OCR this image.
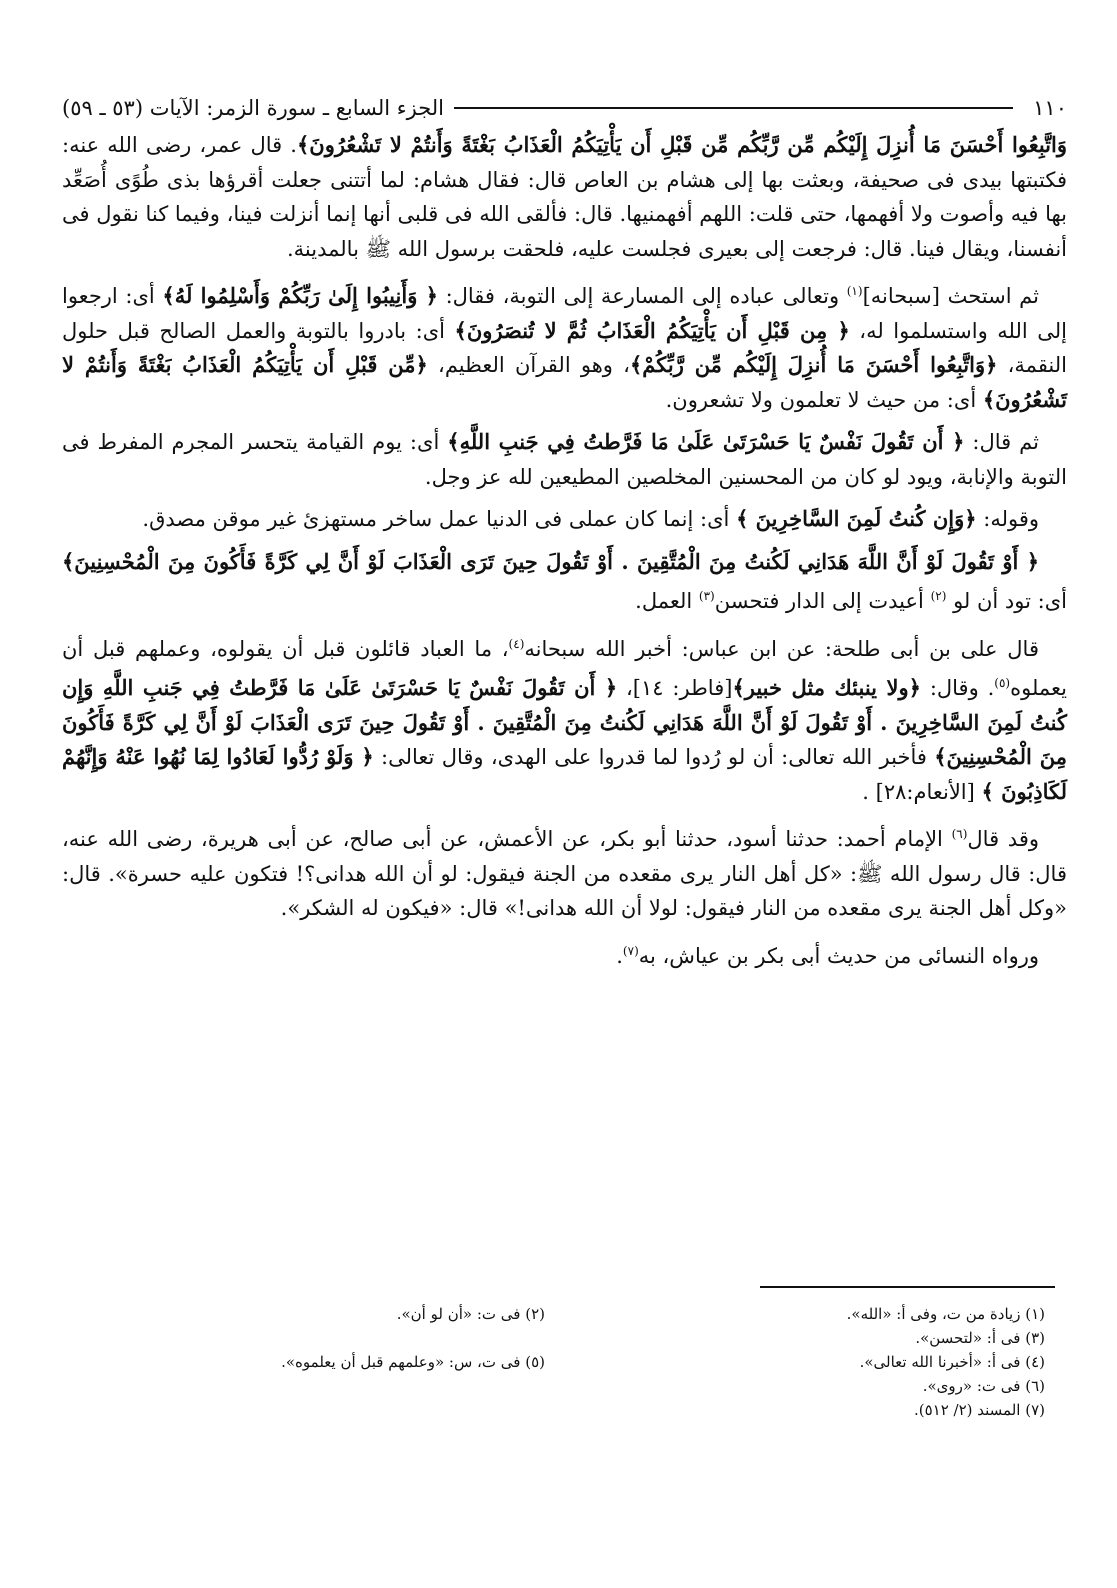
١١٠
الجزء السابع ـ سورة الزمر: الآيات (٥٣ ـ ٥٩)

وَاتَّبِعُوا أَحْسَنَ مَا أُنزِلَ إِلَيْكُم مِّن رَّبِّكُم مِّن قَبْلِ أَن يَأْتِيَكُمُ الْعَذَابُ بَغْتَةً وَأَنتُمْ لا تَشْعُرُونَ﴾. قال عمر، رضى الله عنه: فكتبتها بيدى فى صحيفة، وبعثت بها إلى هشام بن العاص قال: فقال هشام: لما أتتنى جعلت أقرؤها بذى طُوًى أُصَعِّد بها فيه وأصوت ولا أفهمها، حتى قلت: اللهم أفهمنيها. قال: فألقى الله فى قلبى أنها إنما أنزلت فينا، وفيما كنا نقول فى أنفسنا، ويقال فينا. قال: فرجعت إلى بعيرى فجلست عليه، فلحقت برسول الله ﷺ بالمدينة.

ثم استحث [سبحانه]$^{(١)}$ وتعالى عباده إلى المسارعة إلى التوبة، فقال: ﴿ وَأَنِيبُوا إِلَىٰ رَبِّكُمْ وَأَسْلِمُوا لَهُ﴾ أى: ارجعوا إلى الله واستسلموا له، ﴿ مِن قَبْلِ أَن يَأْتِيَكُمُ الْعَذَابُ ثُمَّ لا تُنصَرُونَ﴾ أى: بادروا بالتوبة والعمل الصالح قبل حلول النقمة، ﴿وَاتَّبِعُوا أَحْسَنَ مَا أُنزِلَ إِلَيْكُم مِّن رَّبِّكُمْ﴾، وهو القرآن العظيم، ﴿مِّن قَبْلِ أَن يَأْتِيَكُمُ الْعَذَابُ بَغْتَةً وَأَنتُمْ لا تَشْعُرُونَ﴾ أى: من حيث لا تعلمون ولا تشعرون.

ثم قال: ﴿ أَن تَقُولَ نَفْسٌ يَا حَسْرَتَىٰ عَلَىٰ مَا فَرَّطتُ فِي جَنبِ اللَّهِ﴾ أى: يوم القيامة يتحسر المجرم المفرط فى التوبة والإنابة، ويود لو كان من المحسنين المخلصين المطيعين لله عز وجل.

وقوله: ﴿وَإِن كُنتُ لَمِنَ السَّاخِرِينَ ﴾ أى: إنما كان عملى فى الدنيا عمل ساخر مستهزئ غير موقن مصدق.

﴿ أَوْ تَقُولَ لَوْ أَنَّ اللَّهَ هَدَانِي لَكُنتُ مِنَ الْمُتَّقِينَ . أَوْ تَقُولَ حِينَ تَرَى الْعَذَابَ لَوْ أَنَّ لِي كَرَّةً فَأَكُونَ مِنَ الْمُحْسِنِينَ﴾ أى: تود أن لو $^{(٢)}$ أعيدت إلى الدار فتحسن$^{(٣)}$ العمل.

قال على بن أبى طلحة: عن ابن عباس: أخبر الله سبحانه$^{(٤)}$، ما العباد قائلون قبل أن يقولوه، وعملهم قبل أن يعملوه$^{(٥)}$. وقال: ﴿ولا ينبئك مثل خبير﴾[فاطر: ١٤]، ﴿ أَن تَقُولَ نَفْسٌ يَا حَسْرَتَىٰ عَلَىٰ مَا فَرَّطتُ فِي جَنبِ اللَّهِ وَإِن كُنتُ لَمِنَ السَّاخِرِينَ . أَوْ تَقُولَ لَوْ أَنَّ اللَّهَ هَدَانِي لَكُنتُ مِنَ الْمُتَّقِينَ . أَوْ تَقُولَ حِينَ تَرَى الْعَذَابَ لَوْ أَنَّ لِي كَرَّةً فَأَكُونَ مِنَ الْمُحْسِنِينَ﴾ فأخبر الله تعالى: أن لو رُدوا لما قدروا على الهدى، وقال تعالى: ﴿ وَلَوْ رُدُّوا لَعَادُوا لِمَا نُهُوا عَنْهُ وَإِنَّهُمْ لَكَاذِبُونَ ﴾ [الأنعام:٢٨] .

وقد قال$^{(٦)}$ الإمام أحمد: حدثنا أسود، حدثنا أبو بكر، عن الأعمش، عن أبى صالح، عن أبى هريرة، رضى الله عنه، قال: قال رسول الله ﷺ: «كل أهل النار يرى مقعده من الجنة فيقول: لو أن الله هدانى؟! فتكون عليه حسرة». قال: «وكل أهل الجنة يرى مقعده من النار فيقول: لولا أن الله هدانى!» قال: «فيكون له الشكر».

ورواه النسائى من حديث أبى بكر بن عياش، به$^{(٧)}$.

(١) زيادة من ت، وفى أ: «الله».
(٢) فى ت: «أن لو أن».
(٣) فى أ: «لتحسن».
(٤) فى أ: «أخبرنا الله تعالى».
(٥) فى ت، س: «وعلمهم قبل أن يعلموه».
(٦) فى ت: «روى».
(٧) المسند (٢/ ٥١٢).
